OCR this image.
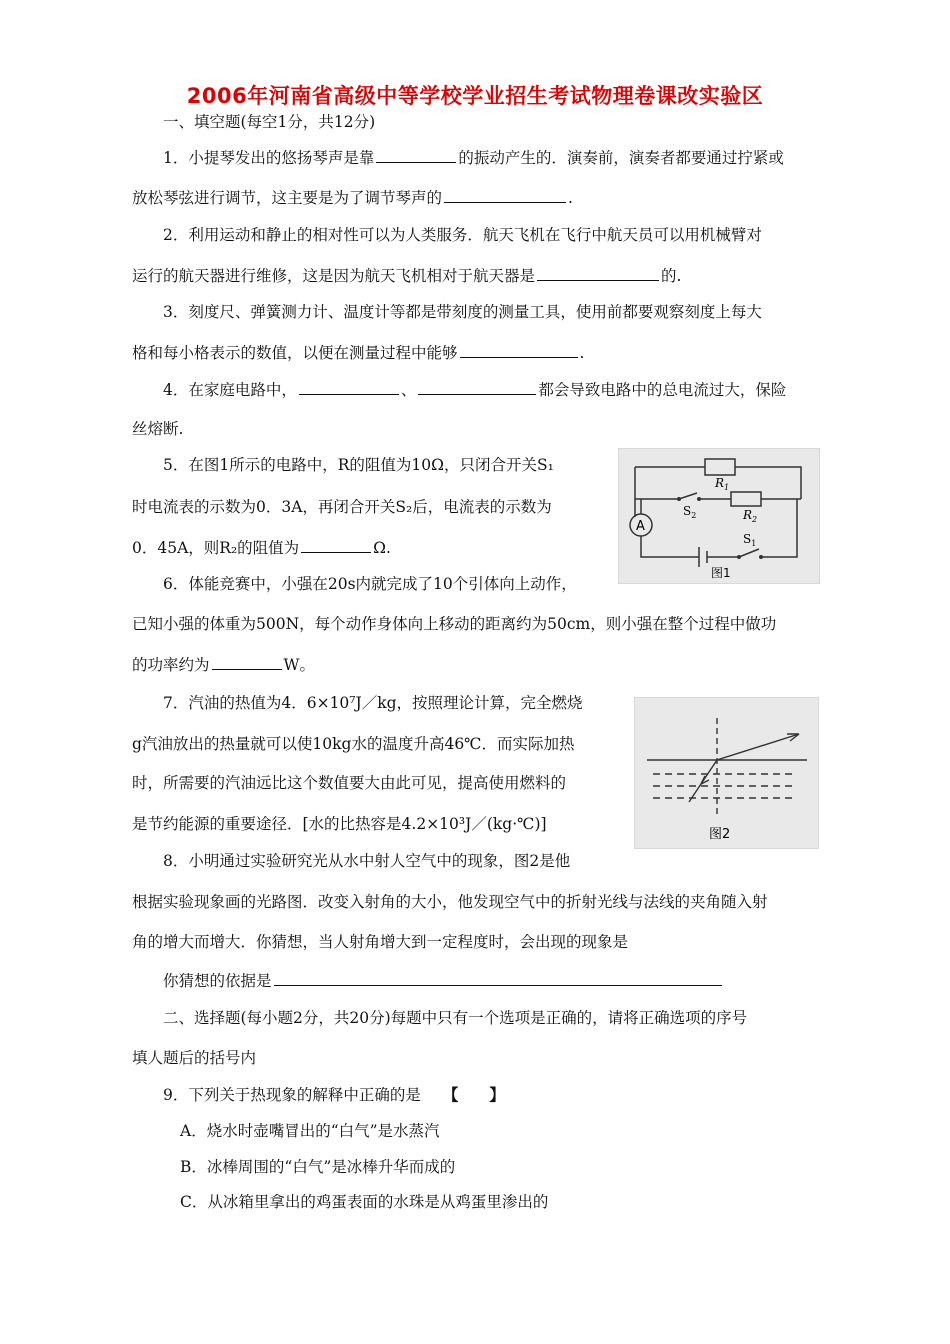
2006年河南省高级中等学校学业招生考试物理卷课改实验区
一、填空题(每空1分，共12分)
1．小提琴发出的悠扬琴声是靠	的振动产生的．演奏前，演奏者都要通过拧紧或
放松琴弦进行调节，这主要是为了调节琴声的	.
2．利用运动和静止的相对性可以为人类服务．航天飞机在飞行中航天员可以用机械臂对
运行的航天器进行维修，这是因为航天飞机相对于航天器是	的.
3．刻度尺、弹簧测力计、温度计等都是带刻度的测量工具，使用前都要观察刻度上每大
格和每小格表示的数值，以便在测量过程中能够	.
4．在家庭电路中，	、	都会导致电路中的总电流过大，保险
丝熔断.
5．在图1所示的电路中，R的阻值为10Ω，只闭合开关S₁
时电流表的示数为0．3A，再闭合开关S₂后，电流表的示数为
0．45A，则R₂的阻值为	Ω.
A
$R_1$
$R_2$
$S_2$
$S_1$
图1
6．体能竞赛中，小强在20s内就完成了10个引体向上动作，
已知小强的体重为500N，每个动作身体向上移动的距离约为50cm，则小强在整个过程中做功
的功率约为	W。
7．汽油的热值为4．6×10⁷J／kg，按照理论计算，完全燃烧
g汽油放出的热量就可以使10kg水的温度升高46℃．而实际加热
时，所需要的汽油远比这个数值要大由此可见，提高使用燃料的
是节约能源的重要途径．[水的比热容是4.2×10³J／(kg·℃)]
图2
8．小明通过实验研究光从水中射人空气中的现象，图2是他
根据实验现象画的光路图．改变入射角的大小，他发现空气中的折射光线与法线的夹角随入射
角的增大而增大．你猜想，当人射角增大到一定程度时，会出现的现象是
你猜想的依据是
二、选择题(每小题2分，共20分)每题中只有一个选项是正确的，请将正确选项的序号
填人题后的括号内
9．下列关于热现象的解释中正确的是 【　　】
A．烧水时壶嘴冒出的“白气”是水蒸汽
B．冰棒周围的“白气”是冰棒升华而成的
C．从冰箱里拿出的鸡蛋表面的水珠是从鸡蛋里渗出的
